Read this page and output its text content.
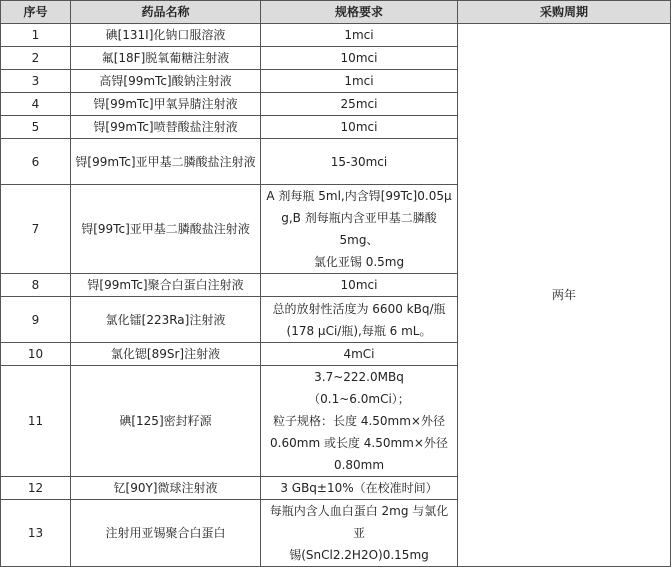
序号	药品名称	规格要求	采购周期
1	碘[131I]化钠口服溶液	1mci	两年
2	氟[18F]脱氧葡糖注射液	10mci	

3	高锝[99mTc]酸钠注射液	1mci	

4	锝[99mTc]甲氧异腈注射液	25mci	

5	锝[99mTc]喷替酸盐注射液	10mci	

6	锝[99mTc]亚甲基二膦酸盐注射液	15-30mci	

7	锝[99Tc]亚甲基二膦酸盐注射液	A 剂每瓶 5ml,内含锝[99Tc]0.05μ
g,B 剂每瓶内含亚甲基二膦酸 5mg、
氯化亚锡 0.5mg	

8	锝[99mTc]聚合白蛋白注射液	10mci	

9	氯化镭[223Ra]注射液	总的放射性活度为 6600 kBq/瓶
(178 μCi/瓶),每瓶 6 mL。	

10	氯化锶[89Sr]注射液	4mCi	

11	碘[125]密封籽源	3.7~222.0MBq（0.1~6.0mCi）；
粒子规格：长度 4.50mm×外径
0.60mm 或长度 4.50mm×外径
0.80mm	

12	钇[90Y]微球注射液	3 GBq±10%（在校准时间）	

13	注射用亚锡聚合白蛋白	每瓶内含人血白蛋白 2mg 与氯化亚
锡(SnCl2.2H2O)0.15mg	
